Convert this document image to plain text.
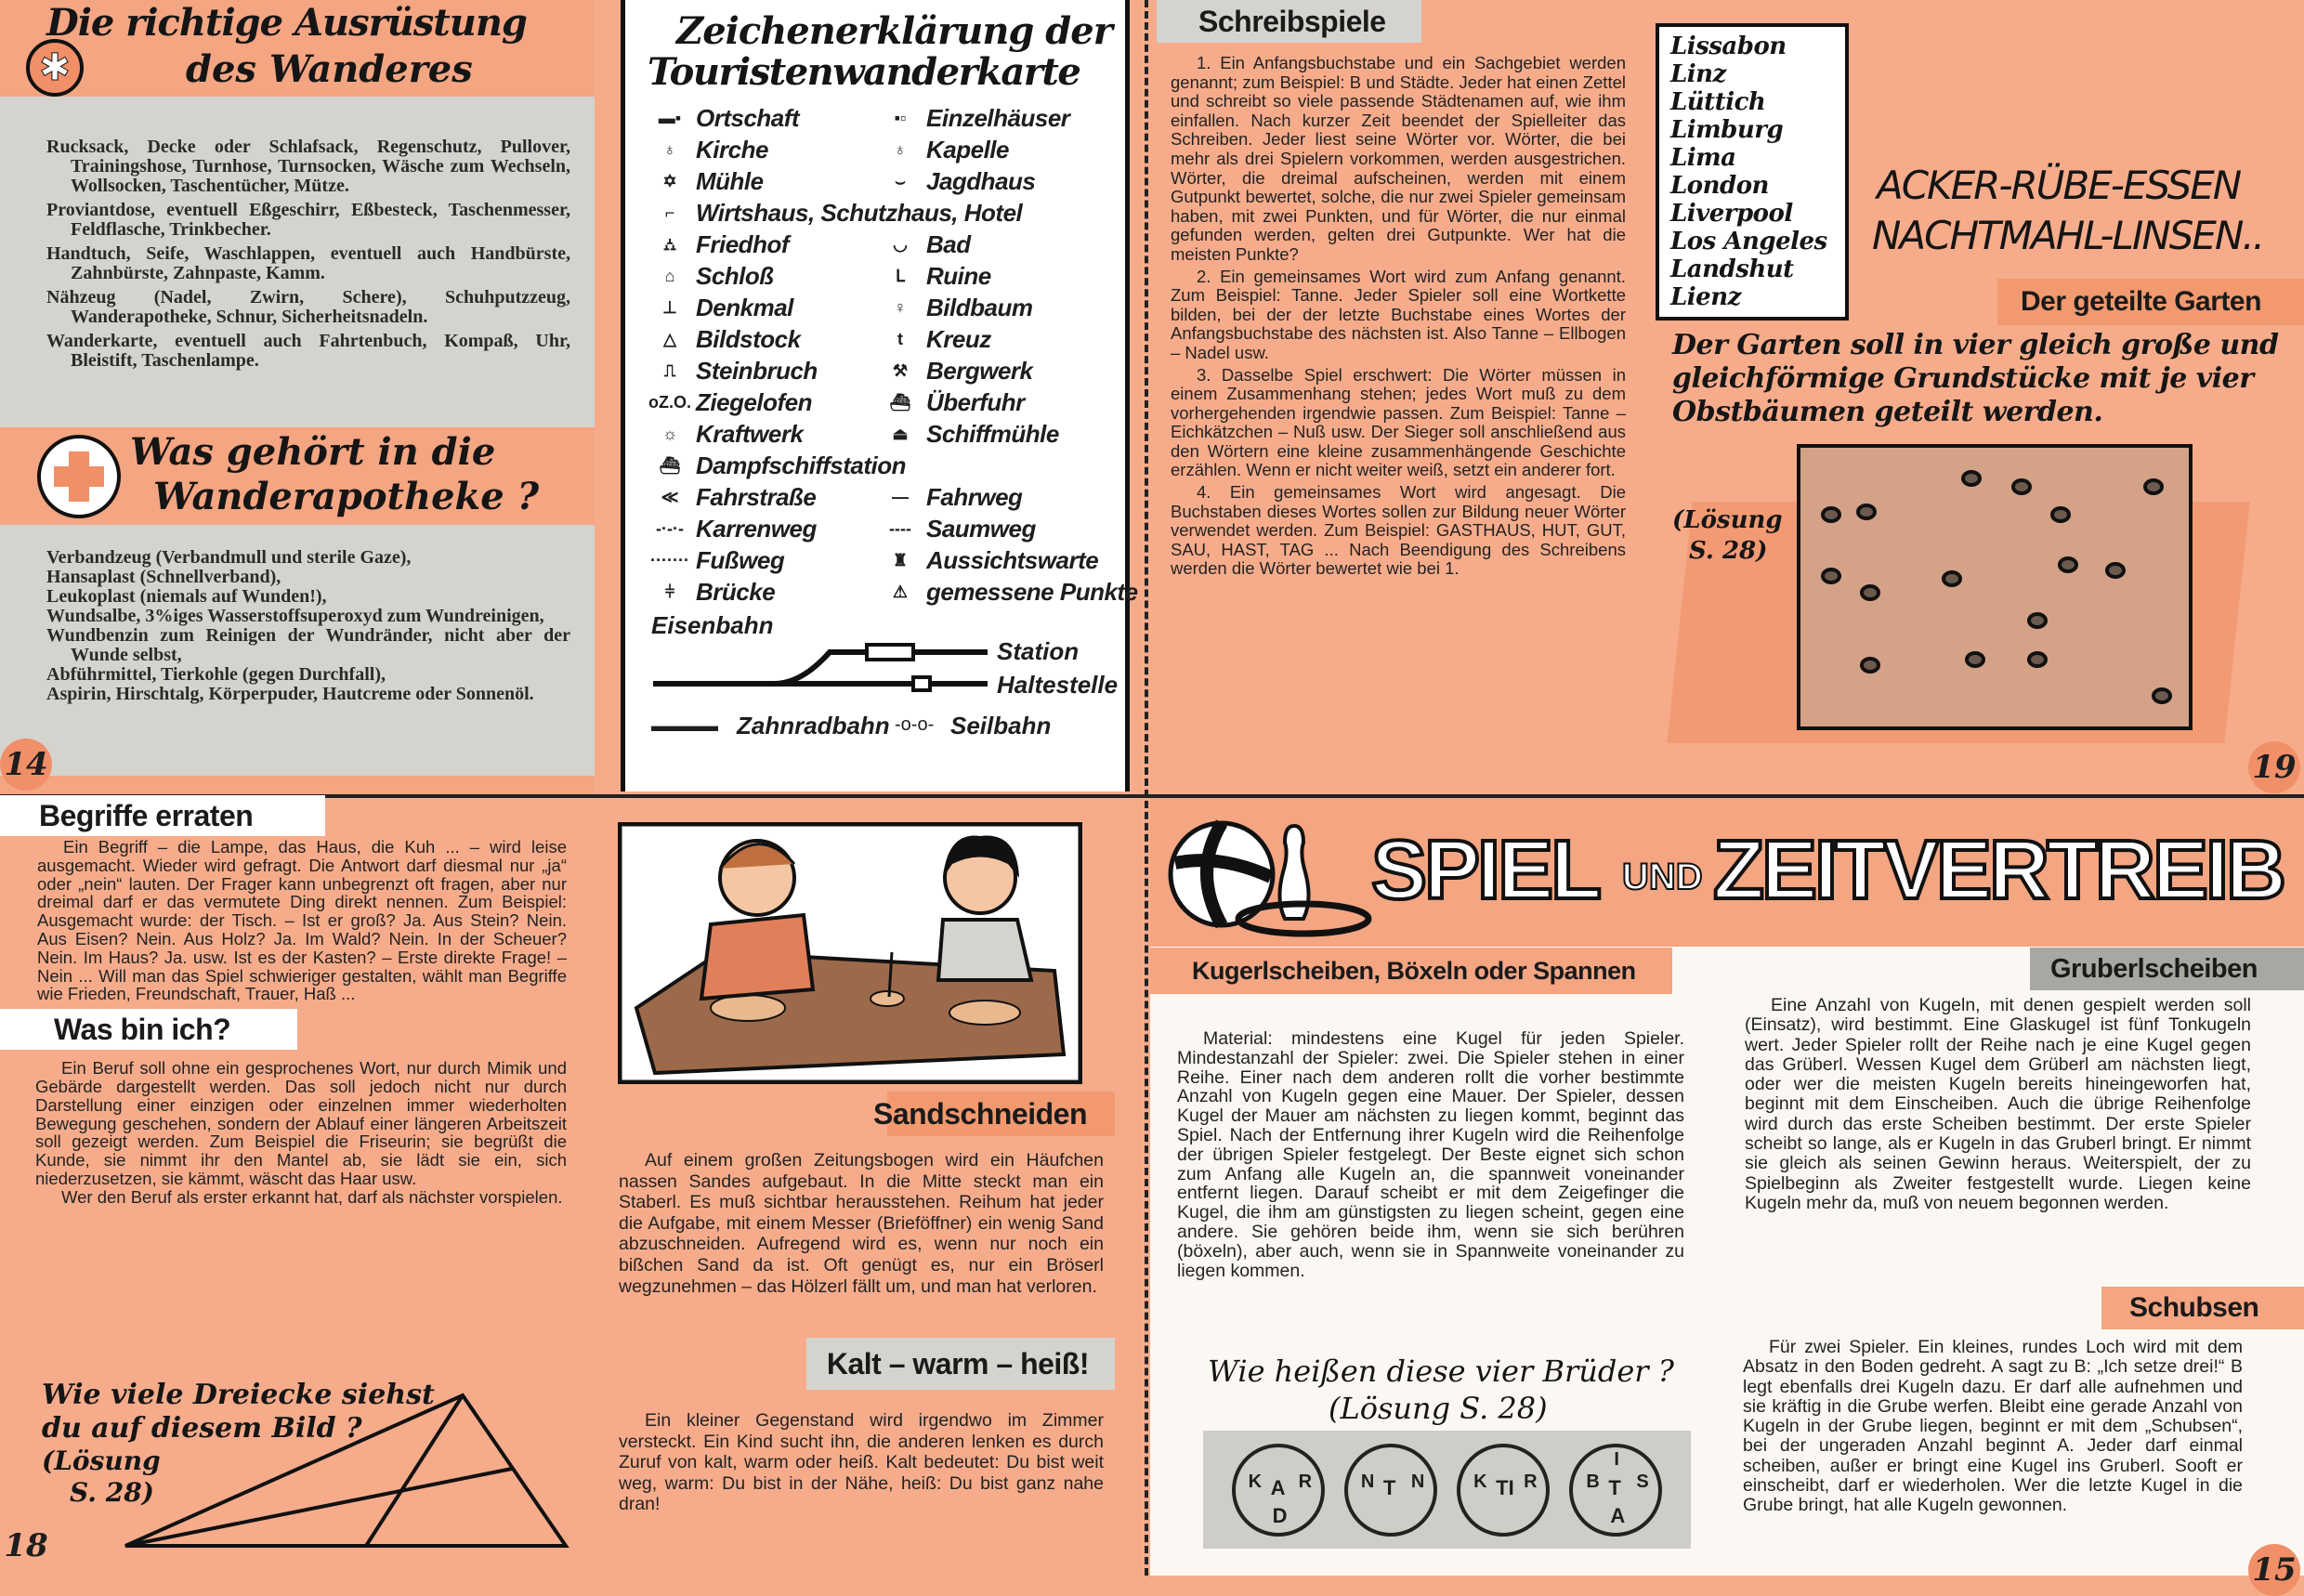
✱
Die richtige Ausrüstung
des Wanderes

Rucksack, Decke oder Schlafsack, Regenschutz, Pullover, Trainingshose, Turnhose, Turnsocken, Wäsche zum Wechseln, Wollsocken, Taschentücher, Mütze.

Proviantdose, eventuell Eßgeschirr, Eßbesteck, Taschenmesser, Feldflasche, Trinkbecher.

Handtuch, Seife, Waschlappen, eventuell auch Handbürste, Zahnbürste, Zahnpaste, Kamm.

Nähzeug (Nadel, Zwirn, Schere), Schuhputzzeug, Wanderapotheke, Schnur, Sicherheitsnadeln.

Wanderkarte, eventuell auch Fahrtenbuch, Kompaß, Uhr, Bleistift, Taschenlampe.

Was gehört in die
Wanderapotheke ?

Verbandzeug (Verbandmull und sterile Gaze),

Hansaplast (Schnellverband),

Leukoplast (niemals auf Wunden!),

Wundsalbe, 3%iges Wasserstoffsuperoxyd zum Wundreinigen,

Wundbenzin zum Reinigen der Wundränder, nicht aber der Wunde selbst,

Abführmittel, Tierkohle (gegen Durchfall),

Aspirin, Hirschtalg, Körperpuder, Hautcreme oder Sonnenöl.

14
Zeichenerklärung der
Touristenwanderkarte
▬▪ Ortschaft	▪▫ Einzelhäuser
♁ Kirche	♁ Kapelle
✡ Mühle	⌣ Jagdhaus
⌐ Wirtshaus, Schutzhaus, Hotel
⛼ Friedhof	◡ Bad
⌂ Schloß	ᒪ Ruine
⊥ Denkmal	♀ Bildbaum
△ Bildstock	t Kreuz
⎍ Steinbruch	⚒ Bergwerk
oZ.O. Ziegelofen	⛴ Überfuhr
☼ Kraftwerk	⏏ Schiffmühle
⛴ Dampfschiffstation
≪ Fahrstraße	— Fahrweg
-·-·- Karrenweg	---- Saumweg
······· Fußweg	♜ Aussichtswarte
⫩ Brücke	⚠ gemessene Punkte
Eisenbahn
Station
Haltestelle
▬▬▬▬ Zahnradbahn -o-o- Seilbahn
Schreibspiele

1. Ein Anfangsbuchstabe und ein Sachgebiet werden genannt; zum Beispiel: B und Städte. Jeder hat einen Zettel und schreibt so viele passende Städtenamen auf, wie ihm einfallen. Nach kurzer Zeit beendet der Spielleiter das Schreiben. Jeder liest seine Wörter vor. Wörter, die bei mehr als drei Spielern vorkommen, werden ausgestrichen. Wörter, die dreimal aufscheinen, werden mit einem Gutpunkt bewertet, solche, die nur zwei Spieler gemeinsam haben, mit zwei Punkten, und für Wörter, die nur einmal gefunden werden, gelten drei Gutpunkte. Wer hat die meisten Punkte?

2. Ein gemeinsames Wort wird zum Anfang genannt. Zum Beispiel: Tanne. Jeder Spieler soll eine Wortkette bilden, bei der der letzte Buchstabe eines Wortes der Anfangsbuchstabe des nächsten ist. Also Tanne – Ellbogen – Nadel usw.

3. Dasselbe Spiel erschwert: Die Wörter müssen in einem Zusammenhang stehen; jedes Wort muß zu dem vorhergehenden irgendwie passen. Zum Beispiel: Tanne – Eichkätzchen – Nuß usw. Der Sieger soll anschließend aus den Wörtern eine kleine zusammenhängende Geschichte erzählen. Wenn er nicht weiter weiß, setzt ein anderer fort.

4. Ein gemeinsames Wort wird angesagt. Die Buchstaben dieses Wortes sollen zur Bildung neuer Wörter verwendet werden. Zum Beispiel: GASTHAUS, HUT, GUT, SAU, HAST, TAG ... Nach Beendigung des Schreibens werden die Wörter bewertet wie bei 1.

Lissabon
Linz
Lüttich
Limburg
Lima
London
Liverpool
Los Angeles
Landshut
Lienz
ACKER-RÜBE-ESSEN
NACHTMAHL-LINSEN..
Der geteilte Garten
Der Garten soll in vier gleich große und gleichförmige Grundstücke mit je vier Obstbäumen geteilt werden.
(Lösung
S. 28)
19
Begriffe erraten

Ein Begriff – die Lampe, das Haus, die Kuh ... – wird leise ausgemacht. Wieder wird gefragt. Die Antwort darf diesmal nur „ja“ oder „nein“ lauten. Der Frager kann unbegrenzt oft fragen, aber nur dreimal darf er das vermutete Ding direkt nennen. Zum Beispiel: Ausgemacht wurde: der Tisch. – Ist er groß? Ja. Aus Stein? Nein. Aus Eisen? Nein. Aus Holz? Ja. Im Wald? Nein. In der Scheuer? Nein. Im Haus? Ja. usw. Ist es der Kasten? – Erste direkte Frage! – Nein ... Will man das Spiel schwieriger gestalten, wählt man Begriffe wie Frieden, Freundschaft, Trauer, Haß ...

Was bin ich?

Ein Beruf soll ohne ein gesprochenes Wort, nur durch Mimik und Gebärde dargestellt werden. Das soll jedoch nicht nur durch Darstellung einer einzigen oder einzelnen immer wiederholten Bewegung geschehen, sondern der Ablauf einer längeren Arbeitszeit soll gezeigt werden. Zum Beispiel die Friseurin; sie begrüßt die Kunde, sie nimmt ihr den Mantel ab, sie lädt sie ein, sich niederzusetzen, sie kämmt, wäscht das Haar usw.

Wer den Beruf als erster erkannt hat, darf als nächster vorspielen.

Wie viele Dreiecke siehst
du auf diesem Bild ?
(Lösung
S. 28)
18
Sandschneiden

Auf einem großen Zeitungsbogen wird ein Häufchen nassen Sandes aufgebaut. In die Mitte steckt man ein Staberl. Es muß sichtbar herausstehen. Reihum hat jeder die Aufgabe, mit einem Messer (Brieföffner) ein wenig Sand abzuschneiden. Aufregend wird es, wenn nur noch ein bißchen Sand da ist. Oft genügt es, nur ein Bröserl wegzunehmen – das Hölzerl fällt um, und man hat verloren.

Kalt – warm – heiß!

Ein kleiner Gegenstand wird irgendwo im Zimmer versteckt. Ein Kind sucht ihn, die anderen lenken es durch Zuruf von kalt, warm oder heiß. Kalt bedeutet: Du bist weit weg, warm: Du bist in der Nähe, heiß: Du bist ganz nahe dran!

SPIEL UND ZEITVERTREIB
Kugerlscheiben, Böxeln oder Spannen

Material: mindestens eine Kugel für jeden Spieler. Mindestanzahl der Spieler: zwei. Die Spieler stehen in einer Reihe. Einer nach dem anderen rollt die vorher bestimmte Anzahl von Kugeln gegen eine Mauer. Der Spieler, dessen Kugel der Mauer am nächsten zu liegen kommt, beginnt das Spiel. Nach der Entfernung ihrer Kugeln wird die Reihenfolge der übrigen Spieler festgelegt. Der Beste eignet sich schon zum Anfang alle Kugeln an, die spannweit voneinander entfernt liegen. Darauf scheibt er mit dem Zeigefinger die Kugel, die ihm am günstigsten zu liegen scheint, gegen eine andere. Sie gehören beide ihm, wenn sie sich berühren (böxeln), aber auch, wenn sie in Spannweite voneinander zu liegen kommen.

Wie heißen diese vier Brüder ?
(Lösung S. 28)
K A R
D
N T N	K TI R
I
B T S
A
Gruberlscheiben

Eine Anzahl von Kugeln, mit denen gespielt werden soll (Einsatz), wird bestimmt. Eine Glaskugel ist fünf Tonkugeln wert. Jeder Spieler rollt der Reihe nach je eine Kugel gegen das Grüberl. Wessen Kugel dem Grüberl am nächsten liegt, oder wer die meisten Kugeln bereits hineingeworfen hat, beginnt mit dem Einscheiben. Auch die übrige Reihenfolge wird durch das erste Scheiben bestimmt. Der erste Spieler scheibt so lange, als er Kugeln in das Gruberl bringt. Er nimmt sie gleich als seinen Gewinn heraus. Weiterspielt, der zu Spielbeginn als Zweiter festgestellt wurde. Liegen keine Kugeln mehr da, muß von neuem begonnen werden.

Schubsen

Für zwei Spieler. Ein kleines, rundes Loch wird mit dem Absatz in den Boden gedreht. A sagt zu B: „Ich setze drei!“ B legt ebenfalls drei Kugeln dazu. Er darf alle aufnehmen und sie kräftig in die Grube werfen. Bleibt eine gerade Anzahl von Kugeln in der Grube liegen, beginnt er mit dem „Schubsen“, bei der ungeraden Anzahl beginnt A. Jeder darf einmal scheiben, außer er bringt eine Kugel ins Gruberl. Sooft er einscheibt, darf er wiederholen. Wer die letzte Kugel in die Grube bringt, hat alle Kugeln gewonnen.

15
